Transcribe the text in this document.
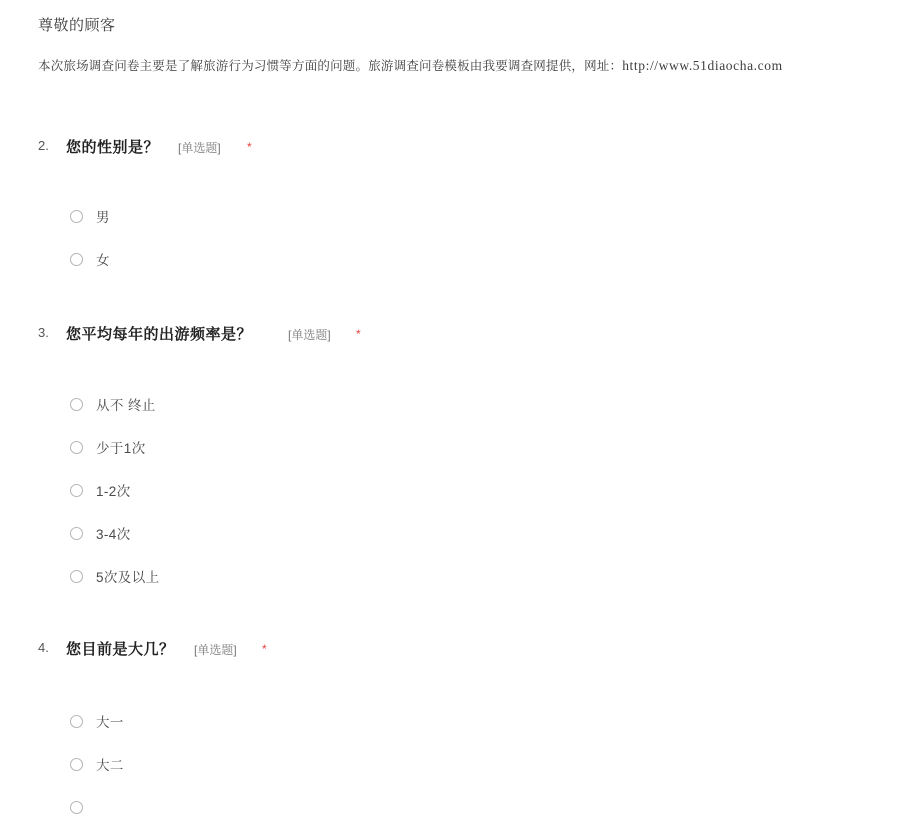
尊敬的顾客
本次旅场调查问卷主要是了解旅游行为习惯等方面的问题。旅游调查问卷模板由我要调查网提供，网址：http://www.51diaocha.com
2. 您的性别是？ [单选题] *
男
女
3. 您平均每年的出游频率是？	[单选题] *
从不 终止
少于1次
1-2次
3-4次
5次及以上
4. 您目前是大几？ [单选题] *
大一
大二
